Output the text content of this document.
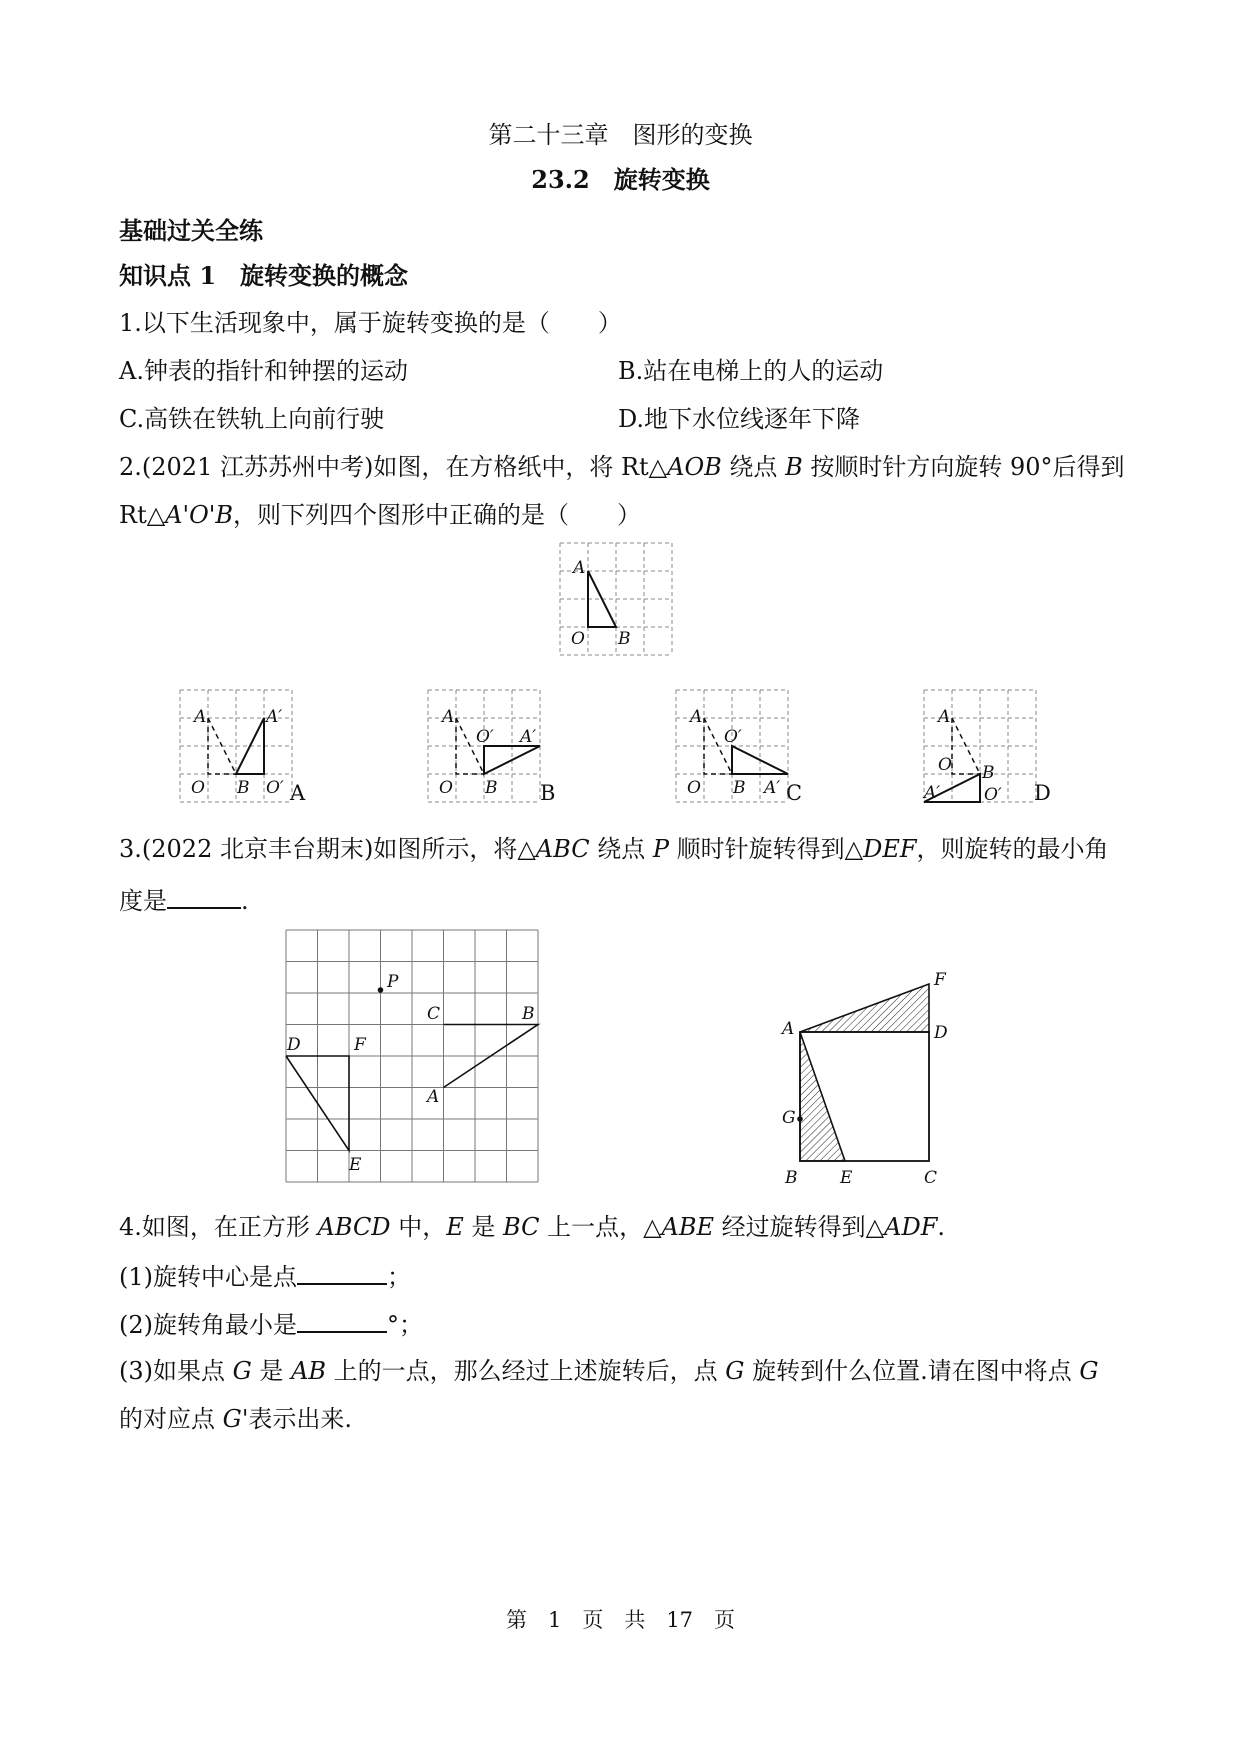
第二十三章　图形的变换
23.2　旋转变换
基础过关全练
知识点 1　旋转变换的概念
1.以下生活现象中，属于旋转变换的是（　　）
A.钟表的指针和钟摆的运动	B.站在电梯上的人的运动
C.高铁在铁轨上向前行驶	D.地下水位线逐年下降
2.(2021 江苏苏州中考)如图，在方格纸中，将 Rt△AOB 绕点 B 按顺时针方向旋转 90°后得到
Rt△A'O'B，则下列四个图形中正确的是（　　）
A
O B
A	A′
O B O′ A
A
O′ A′
O B B
A
O′
O B A′ C
A
O B
A′	O′ D
3.(2022 北京丰台期末)如图所示，将△ABC 绕点 P 顺时针旋转得到△DEF，则旋转的最小角
度是	.
P
C	B
D	F
A
E
F
A	D
G
B	E	C
4.如图，在正方形 ABCD 中，E 是 BC 上一点，△ABE 经过旋转得到△ADF.
(1)旋转中心是点	；
(2)旋转角最小是	°；
(3)如果点 G 是 AB 上的一点，那么经过上述旋转后，点 G 旋转到什么位置.请在图中将点 G
的对应点 G'表示出来.
第　1　页　共　17　页
